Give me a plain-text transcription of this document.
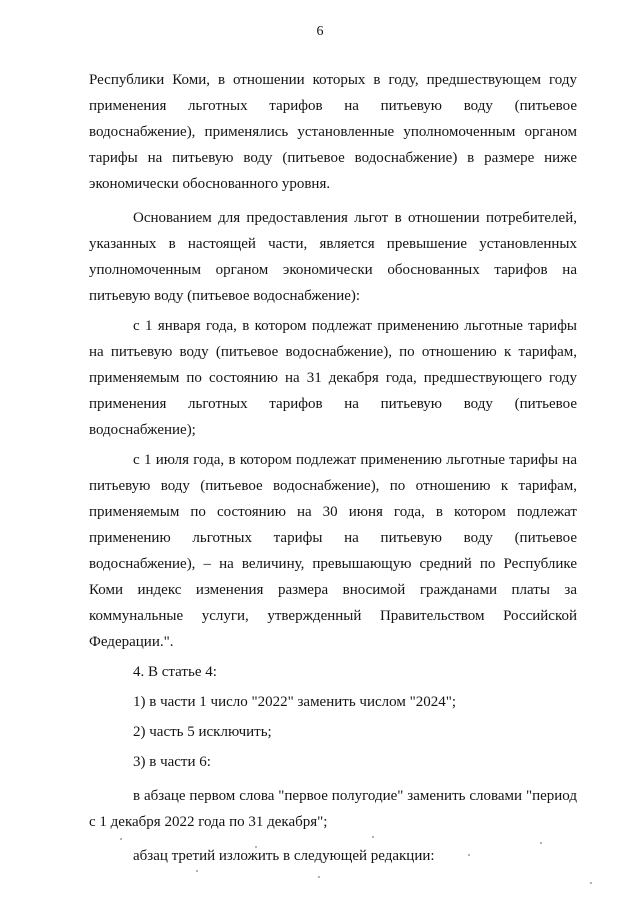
6

Республики Коми, в отношении которых в году, предшествующем году применения льготных тарифов на питьевую воду (питьевое водоснабжение), применялись установленные уполномоченным органом тарифы на питьевую воду (питьевое водоснабжение) в размере ниже экономически обоснованного уровня.

Основанием для предоставления льгот в отношении потребителей, указанных в настоящей части, является превышение установленных уполномоченным органом экономически обоснованных тарифов на питьевую воду (питьевое водоснабжение):

с 1 января года, в котором подлежат применению льготные тарифы на питьевую воду (питьевое водоснабжение), по отношению к тарифам, применяемым по состоянию на 31 декабря года, предшествующего году применения льготных тарифов на питьевую воду (питьевое водоснабжение);

с 1 июля года, в котором подлежат применению льготные тарифы на питьевую воду (питьевое водоснабжение), по отношению к тарифам, применяемым по состоянию на 30 июня года, в котором подлежат применению льготных тарифы на питьевую воду (питьевое водоснабжение), – на величину, превышающую средний по Республике Коми индекс изменения размера вносимой гражданами платы за коммунальные услуги, утвержденный Правительством Российской Федерации.".

4. В статье 4:

1) в части 1 число "2022" заменить числом "2024";

2) часть 5 исключить;

3) в части 6:

в абзаце первом слова "первое полугодие" заменить словами "период с 1 декабря 2022 года по 31 декабря";

абзац третий изложить в следующей редакции:
